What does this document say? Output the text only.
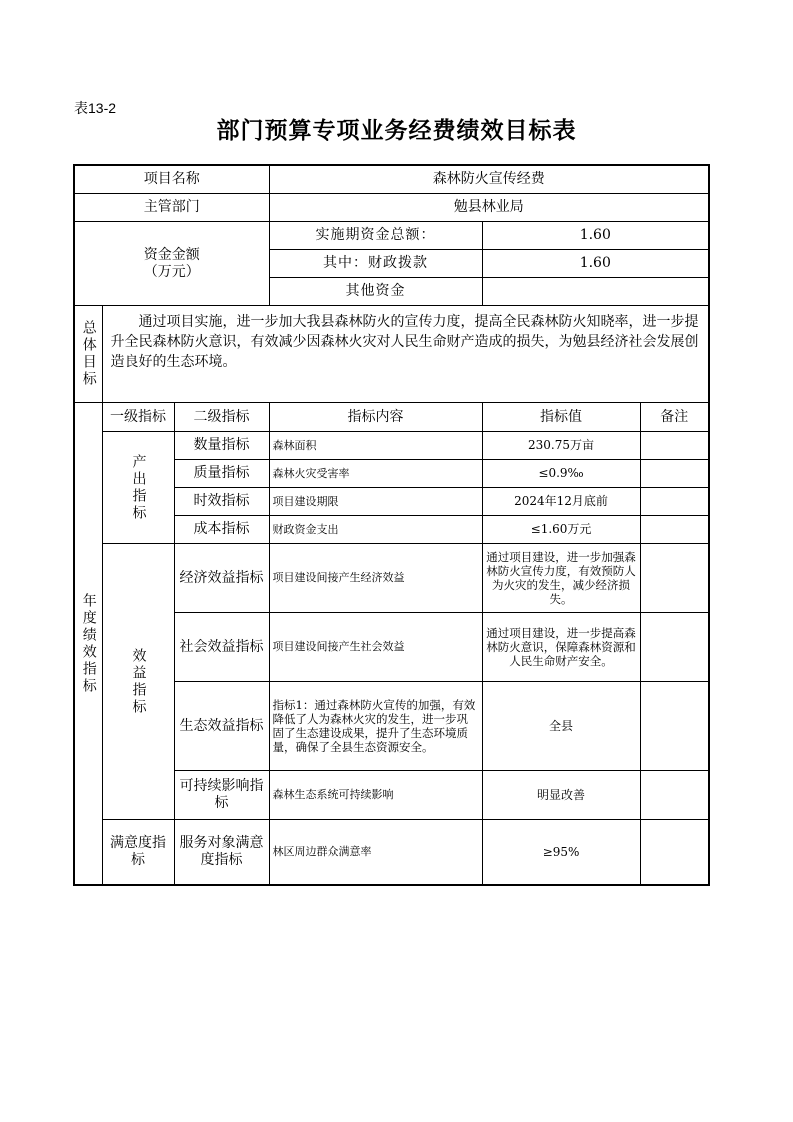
表13-2
部门预算专项业务经费绩效目标表
项目名称			森林防火宣传经费		
主管部门			勉县林业局		

资金金额
（万元）			实施期资金总额：	1.60	
			其中：财政拨款	1.60	
			其他资金		
总体目标	通过项目实施，进一步加大我县森林防火的宣传力度，提高全民森林防火知晓率，进一步提升全民森林防火意识，有效减少因森林火灾对人民生命财产造成的损失，为勉县经济社会发展创造良好的生态环境。				
年度绩效指标	一级指标	二级指标	指标内容	指标值	备注
	产出指标	数量指标	森林面积	230.75万亩	
		质量指标	森林火灾受害率	≤0.9‰	
		时效指标	项目建设期限	2024年12月底前	
		成本指标	财政资金支出	≤1.60万元	
	效益指标	经济效益指标	项目建设间接产生经济效益	通过项目建设，进一步加强森林防火宣传力度，有效预防人为火灾的发生，减少经济损失。	
		社会效益指标	项目建设间接产生社会效益	通过项目建设，进一步提高森林防火意识，保障森林资源和人民生命财产安全。	
		生态效益指标	指标1：通过森林防火宣传的加强，有效降低了人为森林火灾的发生，进一步巩固了生态建设成果，提升了生态环境质量，确保了全县生态资源安全。	全县	
		可持续影响指标	森林生态系统可持续影响	明显改善	
	满意度指标	服务对象满意度指标	林区周边群众满意率	≥95%	
